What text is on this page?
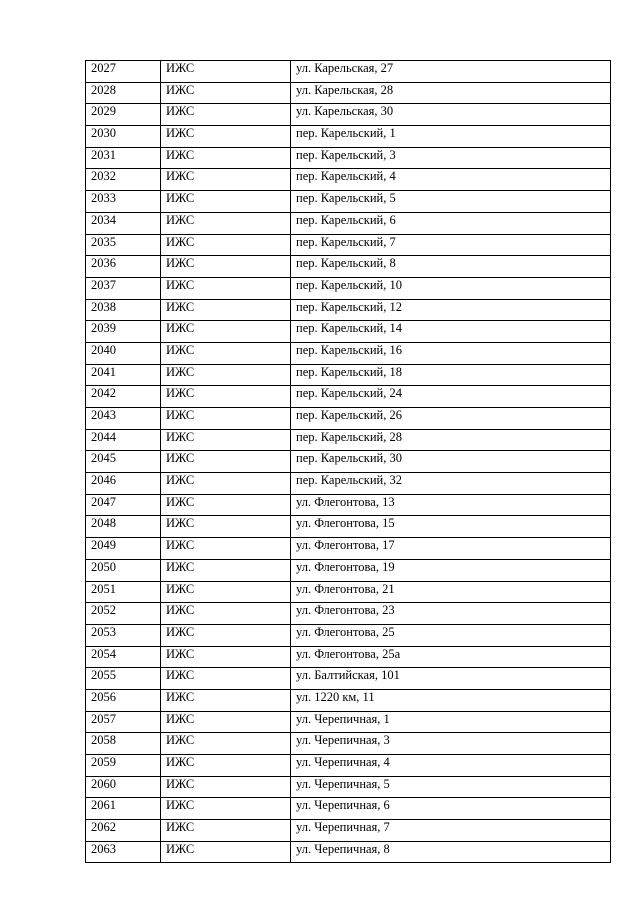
2027	ИЖС	ул. Карельская, 27
2028	ИЖС	ул. Карельская, 28
2029	ИЖС	ул. Карельская, 30
2030	ИЖС	пер. Карельский, 1
2031	ИЖС	пер. Карельский, 3
2032	ИЖС	пер. Карельский, 4
2033	ИЖС	пер. Карельский, 5
2034	ИЖС	пер. Карельский, 6
2035	ИЖС	пер. Карельский, 7
2036	ИЖС	пер. Карельский, 8
2037	ИЖС	пер. Карельский, 10
2038	ИЖС	пер. Карельский, 12
2039	ИЖС	пер. Карельский, 14
2040	ИЖС	пер. Карельский, 16
2041	ИЖС	пер. Карельский, 18
2042	ИЖС	пер. Карельский, 24
2043	ИЖС	пер. Карельский, 26
2044	ИЖС	пер. Карельский, 28
2045	ИЖС	пер. Карельский, 30
2046	ИЖС	пер. Карельский, 32
2047	ИЖС	ул. Флегонтова, 13
2048	ИЖС	ул. Флегонтова, 15
2049	ИЖС	ул. Флегонтова, 17
2050	ИЖС	ул. Флегонтова, 19
2051	ИЖС	ул. Флегонтова, 21
2052	ИЖС	ул. Флегонтова, 23
2053	ИЖС	ул. Флегонтова, 25
2054	ИЖС	ул. Флегонтова, 25а
2055	ИЖС	ул. Балтийская, 101
2056	ИЖС	ул. 1220 км, 11
2057	ИЖС	ул. Черепичная, 1
2058	ИЖС	ул. Черепичная, 3
2059	ИЖС	ул. Черепичная, 4
2060	ИЖС	ул. Черепичная, 5
2061	ИЖС	ул. Черепичная, 6
2062	ИЖС	ул. Черепичная, 7
2063	ИЖС	ул. Черепичная, 8
